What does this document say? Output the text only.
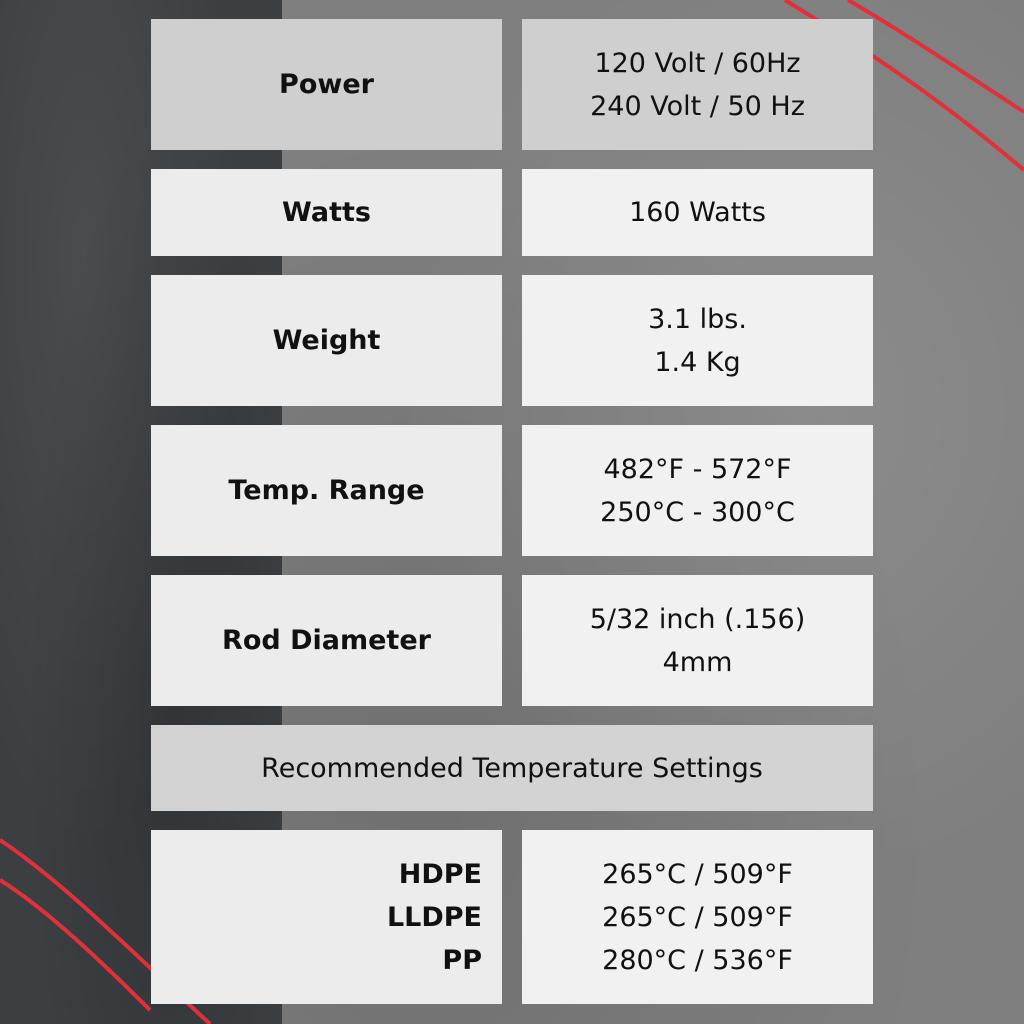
Power
120 Volt / 60Hz
240 Volt / 50 Hz
Watts	160 Watts
Weight
3.1 lbs.
1.4 Kg
Temp. Range
482°F - 572°F
250°C - 300°C
Rod Diameter
5/32 inch (.156)
4mm
Recommended Temperature Settings
HDPE
LLDPE
PP
265°C / 509°F
265°C / 509°F
280°C / 536°F
